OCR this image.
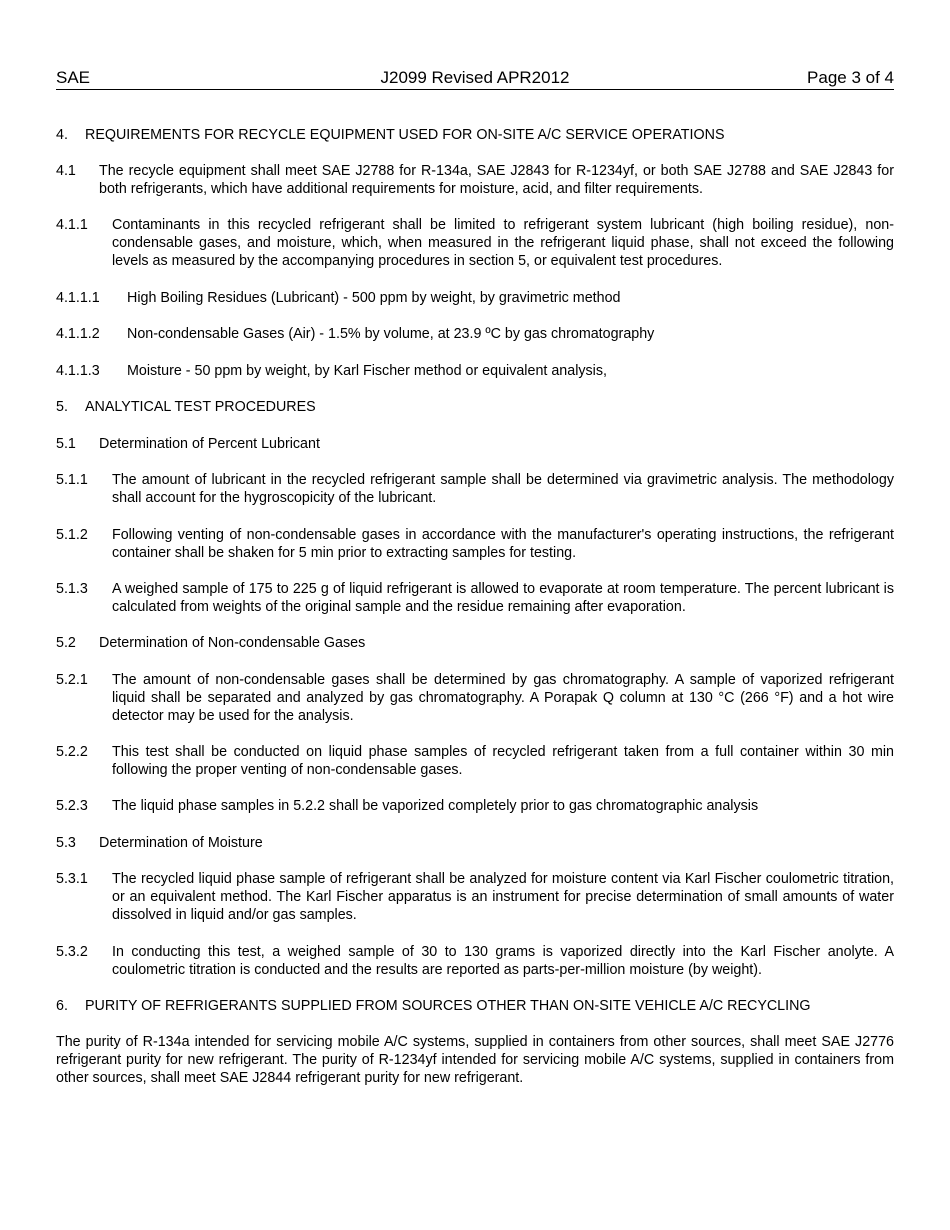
SAE	J2099 Revised APR2012	Page 3 of 4
4.	REQUIREMENTS FOR RECYCLE EQUIPMENT USED FOR ON-SITE A/C SERVICE OPERATIONS
4.1	The recycle equipment shall meet SAE J2788 for R-134a, SAE J2843 for R-1234yf, or both SAE J2788 and SAE J2843 for both refrigerants, which have additional requirements for moisture, acid, and filter requirements.
4.1.1	Contaminants in this recycled refrigerant shall be limited to refrigerant system lubricant (high boiling residue), non-condensable gases, and moisture, which, when measured in the refrigerant liquid phase, shall not exceed the following levels as measured by the accompanying procedures in section 5, or equivalent test procedures.
4.1.1.1	High Boiling Residues (Lubricant) - 500 ppm by weight, by gravimetric method
4.1.1.2	Non-condensable Gases (Air) - 1.5% by volume, at 23.9 ºC by gas chromatography
4.1.1.3	Moisture - 50 ppm by weight, by Karl Fischer method or equivalent analysis,
5.	ANALYTICAL TEST PROCEDURES
5.1	Determination of Percent Lubricant
5.1.1	The amount of lubricant in the recycled refrigerant sample shall be determined via gravimetric analysis. The methodology shall account for the hygroscopicity of the lubricant.
5.1.2	Following venting of non-condensable gases in accordance with the manufacturer's operating instructions, the refrigerant container shall be shaken for 5 min prior to extracting samples for testing.
5.1.3	A weighed sample of 175 to 225 g of liquid refrigerant is allowed to evaporate at room temperature. The percent lubricant is calculated from weights of the original sample and the residue remaining after evaporation.
5.2	Determination of Non-condensable Gases
5.2.1	The amount of non-condensable gases shall be determined by gas chromatography. A sample of vaporized refrigerant liquid shall be separated and analyzed by gas chromatography. A Porapak Q column at 130 °C (266 °F) and a hot wire detector may be used for the analysis.
5.2.2	This test shall be conducted on liquid phase samples of recycled refrigerant taken from a full container within 30 min following the proper venting of non-condensable gases.
5.2.3	The liquid phase samples in 5.2.2 shall be vaporized completely prior to gas chromatographic analysis
5.3	Determination of Moisture
5.3.1	The recycled liquid phase sample of refrigerant shall be analyzed for moisture content via Karl Fischer coulometric titration, or an equivalent method. The Karl Fischer apparatus is an instrument for precise determination of small amounts of water dissolved in liquid and/or gas samples.
5.3.2	In conducting this test, a weighed sample of 30 to 130 grams is vaporized directly into the Karl Fischer anolyte. A coulometric titration is conducted and the results are reported as parts-per-million moisture (by weight).
6.	PURITY OF REFRIGERANTS SUPPLIED FROM SOURCES OTHER THAN ON-SITE VEHICLE A/C RECYCLING
The purity of R-134a intended for servicing mobile A/C systems, supplied in containers from other sources, shall meet SAE J2776 refrigerant purity for new refrigerant. The purity of R-1234yf intended for servicing mobile A/C systems, supplied in containers from other sources, shall meet SAE J2844 refrigerant purity for new refrigerant.
